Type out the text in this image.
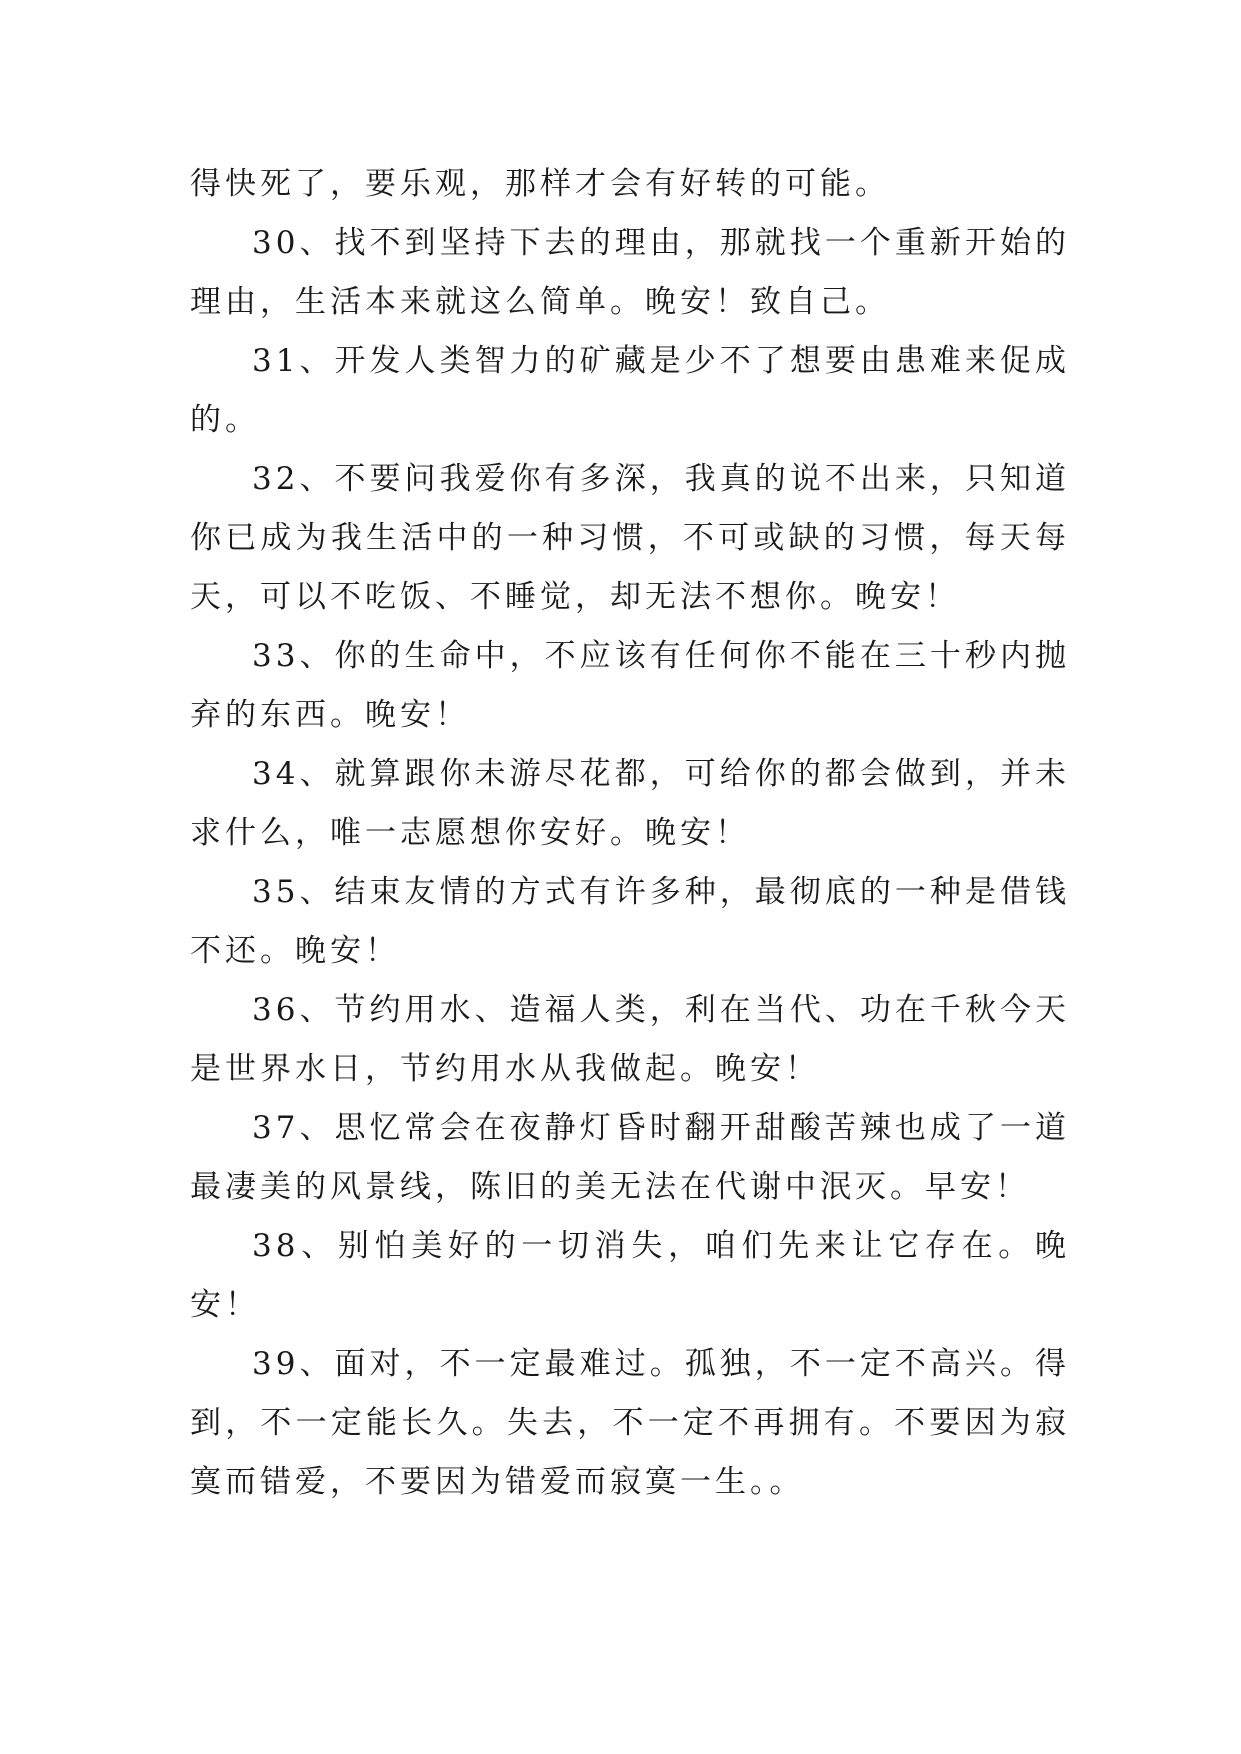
得快死了，要乐观，那样才会有好转的可能。

30、找不到坚持下去的理由，那就找一个重新开始的理由，生活本来就这么简单。晚安！致自己。

31、开发人类智力的矿藏是少不了想要由患难来促成的。

32、不要问我爱你有多深，我真的说不出来，只知道你已成为我生活中的一种习惯，不可或缺的习惯，每天每天，可以不吃饭、不睡觉，却无法不想你。晚安！

33、你的生命中，不应该有任何你不能在三十秒内抛弃的东西。晚安！

34、就算跟你未游尽花都，可给你的都会做到，并未求什么，唯一志愿想你安好。晚安！

35、结束友情的方式有许多种，最彻底的一种是借钱不还。晚安！

36、节约用水、造福人类，利在当代、功在千秋今天是世界水日，节约用水从我做起。晚安！

37、思忆常会在夜静灯昏时翻开甜酸苦辣也成了一道最凄美的风景线，陈旧的美无法在代谢中泯灭。早安！

38、别怕美好的一切消失，咱们先来让它存在。晚安！

39、面对，不一定最难过。孤独，不一定不高兴。得到，不一定能长久。失去，不一定不再拥有。不要因为寂寞而错爱，不要因为错爱而寂寞一生。。
